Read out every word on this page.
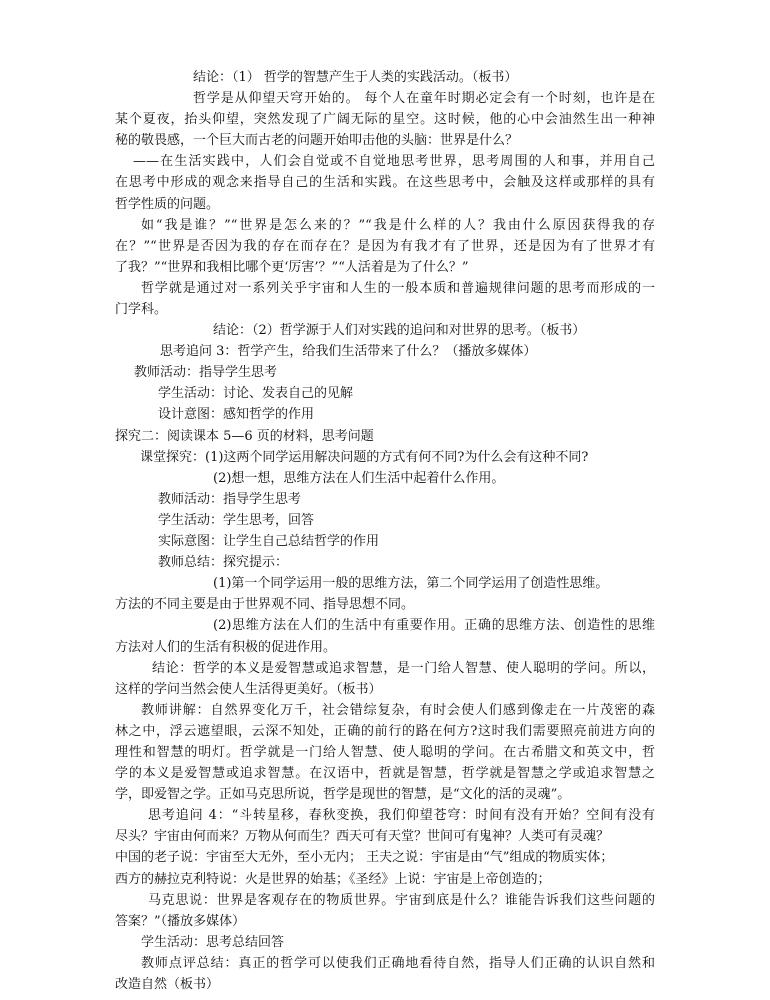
结论：（1） 哲学的智慧产生于人类的实践活动。（板书）
哲学是从仰望天穹开始的。 每个人在童年时期必定会有一个时刻，也许是在
某个夏夜，抬头仰望，突然发现了广阔无际的星空。这时候，他的心中会油然生出一种神
秘的敬畏感，一个巨大而古老的问题开始叩击他的头脑：世界是什么？
——在生活实践中，人们会自觉或不自觉地思考世界，思考周围的人和事，并用自己
在思考中形成的观念来指导自己的生活和实践。在这些思考中，会触及这样或那样的具有
哲学性质的问题。
如“我是谁？”“世界是怎么来的？”“我是什么样的人？我由什么原因获得我的存
在？”“世界是否因为我的存在而存在？是因为有我才有了世界，还是因为有了世界才有
了我？”“世界和我相比哪个更‘厉害’？”“人活着是为了什么？”
哲学就是通过对一系列关乎宇宙和人生的一般本质和普遍规律问题的思考而形成的一
门学科。
结论：（2）哲学源于人们对实践的追问和对世界的思考。（板书）
思考追问 3：哲学产生，给我们生活带来了什么？（播放多媒体）
教师活动：指导学生思考
学生活动：讨论、发表自己的见解
设计意图：感知哲学的作用
探究二：阅读课本 5—6 页的材料，思考问题
课堂探究：(1)这两个同学运用解决问题的方式有何不同?为什么会有这种不同?
(2)想一想，思维方法在人们生活中起着什么作用。
教师活动：指导学生思考
学生活动：学生思考，回答
实际意图：让学生自己总结哲学的作用
教师总结：探究提示：
(1)第一个同学运用一般的思维方法，第二个同学运用了创造性思维。
方法的不同主要是由于世界观不同、指导思想不同。
(2)思维方法在人们的生活中有重要作用。正确的思维方法、创造性的思维
方法对人们的生活有积极的促进作用。
结论：哲学的本义是爱智慧或追求智慧，是一门给人智慧、使人聪明的学问。所以，
这样的学问当然会使人生活得更美好。（板书）
教师讲解：自然界变化万千，社会错综复杂，有时会使人们感到像走在一片茂密的森
林之中，浮云遮望眼，云深不知处，正确的前行的路在何方?这时我们需要照亮前进方向的
理性和智慧的明灯。哲学就是一门给人智慧、使人聪明的学问。在古希腊文和英文中，哲
学的本义是爱智慧或追求智慧。在汉语中，哲就是智慧，哲学就是智慧之学或追求智慧之
学，即爱智之学。正如马克思所说，哲学是现世的智慧，是“文化的活的灵魂”。
思考追问 4：“斗转星移，春秋变换，我们仰望苍穹：时间有没有开始？空间有没有
尽头？宇宙由何而来？万物从何而生？西天可有天堂？世间可有鬼神？人类可有灵魂？
中国的老子说：宇宙至大无外，至小无内； 王夫之说：宇宙是由“气”组成的物质实体；
西方的赫拉克利特说：火是世界的始基；《圣经》上说：宇宙是上帝创造的；
马克思说：世界是客观存在的物质世界。宇宙到底是什么？谁能告诉我们这些问题的
答案？”（播放多媒体）
学生活动：思考总结回答
教师点评总结：真正的哲学可以使我们正确地看待自然，指导人们正确的认识自然和
改造自然（板书）
